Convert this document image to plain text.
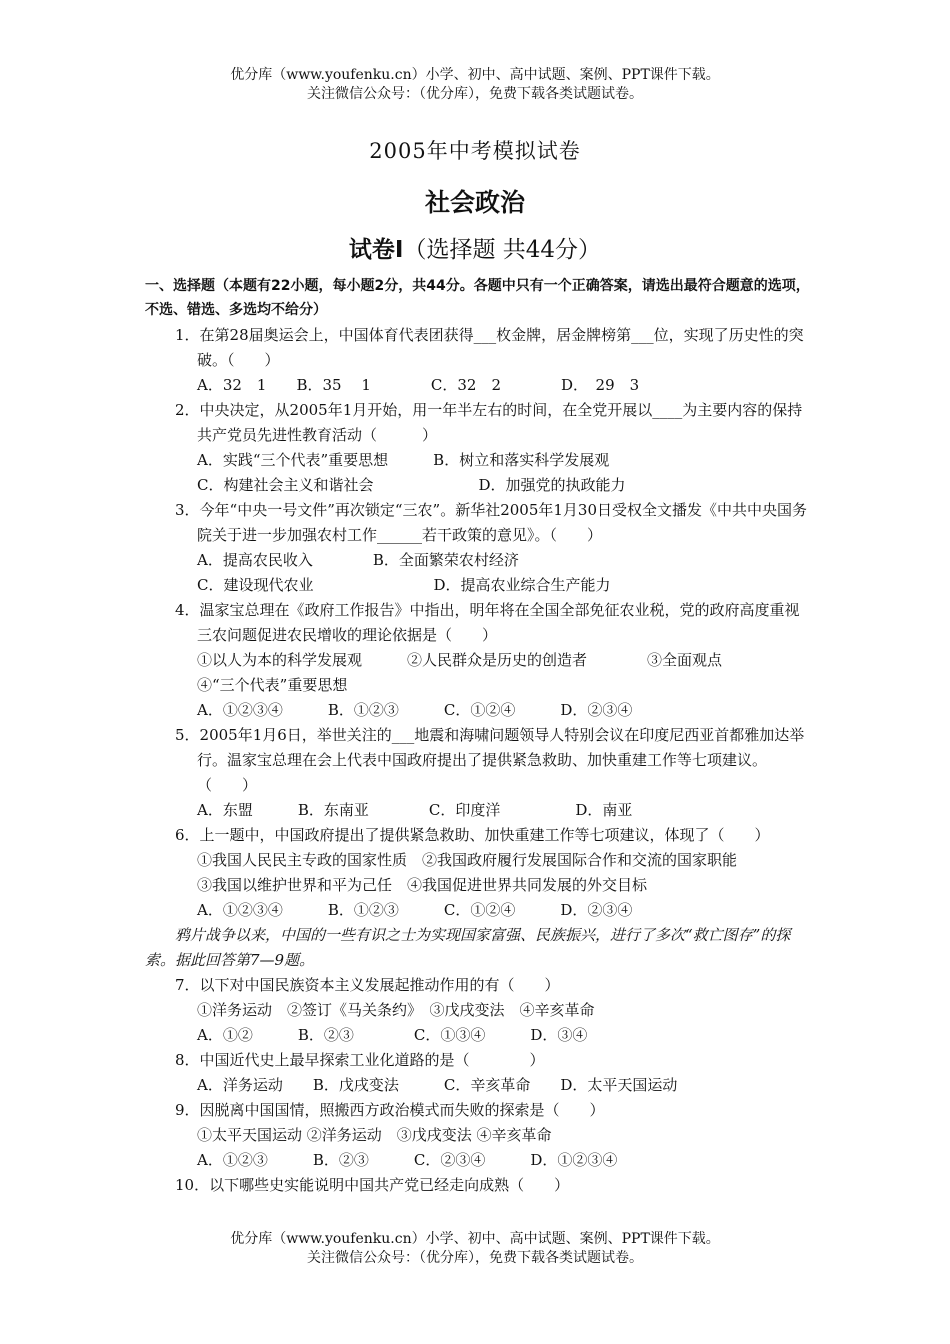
优分库（www.youfenku.cn）小学、初中、高中试题、案例、PPT课件下载。
关注微信公众号：（优分库），免费下载各类试题试卷。
2005年中考模拟试卷
社会政治
试卷Ⅰ（选择题 共44分）
一、选择题（本题有22小题，每小题2分，共44分。各题中只有一个正确答案，请选出最符合题意的选项，不选、错选、多选均不给分）
1．在第28届奥运会上，中国体育代表团获得___枚金牌，居金牌榜第___位，实现了历史性的突破。（　　）
A．32　1　　B．35　 1　　　　C．32　2　　　　D．　29　3
2．中央决定，从2005年1月开始，用一年半左右的时间，在全党开展以____为主要内容的保持共产党员先进性教育活动（　　　）
A．实践“三个代表”重要思想　　　B．树立和落实科学发展观
C．构建社会主义和谐社会　　　　　　　D．加强党的执政能力
3．今年“中央一号文件”再次锁定“三农”。新华社2005年1月30日受权全文播发《中共中央国务院关于进一步加强农村工作______若干政策的意见》。（　　）
A．提高农民收入　　　　B．全面繁荣农村经济
C．建设现代农业　　　　　　　　D．提高农业综合生产能力
4．温家宝总理在《政府工作报告》中指出，明年将在全国全部免征农业税，党的政府高度重视三农问题促进农民增收的理论依据是（　　）
①以人为本的科学发展观　　　②人民群众是历史的创造者　　　　③全面观点
④“三个代表”重要思想
A．①②③④　　　B．①②③　　　C．①②④　　　D．②③④
5．2005年1月6日，举世关注的___地震和海啸问题领导人特别会议在印度尼西亚首都雅加达举行。温家宝总理在会上代表中国政府提出了提供紧急救助、加快重建工作等七项建议。（　　）
A．东盟　　　B．东南亚　　　　C．印度洋　　　　　D．南亚
6．上一题中，中国政府提出了提供紧急救助、加快重建工作等七项建议，体现了（　　）
①我国人民民主专政的国家性质　②我国政府履行发展国际合作和交流的国家职能
③我国以维护世界和平为己任　④我国促进世界共同发展的外交目标
A．①②③④　　　B．①②③　　　C．①②④　　　D．②③④
鸦片战争以来，中国的一些有识之士为实现国家富强、民族振兴，进行了多次“救亡图存”的探索。据此回答第7—9题。
7．以下对中国民族资本主义发展起推动作用的有（　　）
①洋务运动　②签订《马关条约》　③戊戌变法　④辛亥革命
A．①②　　　B．②③　　　　C．①③④　　　D．③④
8．中国近代史上最早探索工业化道路的是（　　　　）
A．洋务运动　　B．戊戌变法　　　C．辛亥革命　　D．太平天国运动
9．因脱离中国国情，照搬西方政治模式而失败的探索是（　　）
①太平天国运动 ②洋务运动　③戊戌变法 ④辛亥革命
A．①②③　　　B．②③　　　C．②③④　　　D．①②③④
10．以下哪些史实能说明中国共产党已经走向成熟（　　）
优分库（www.youfenku.cn）小学、初中、高中试题、案例、PPT课件下载。
关注微信公众号：（优分库），免费下载各类试题试卷。
